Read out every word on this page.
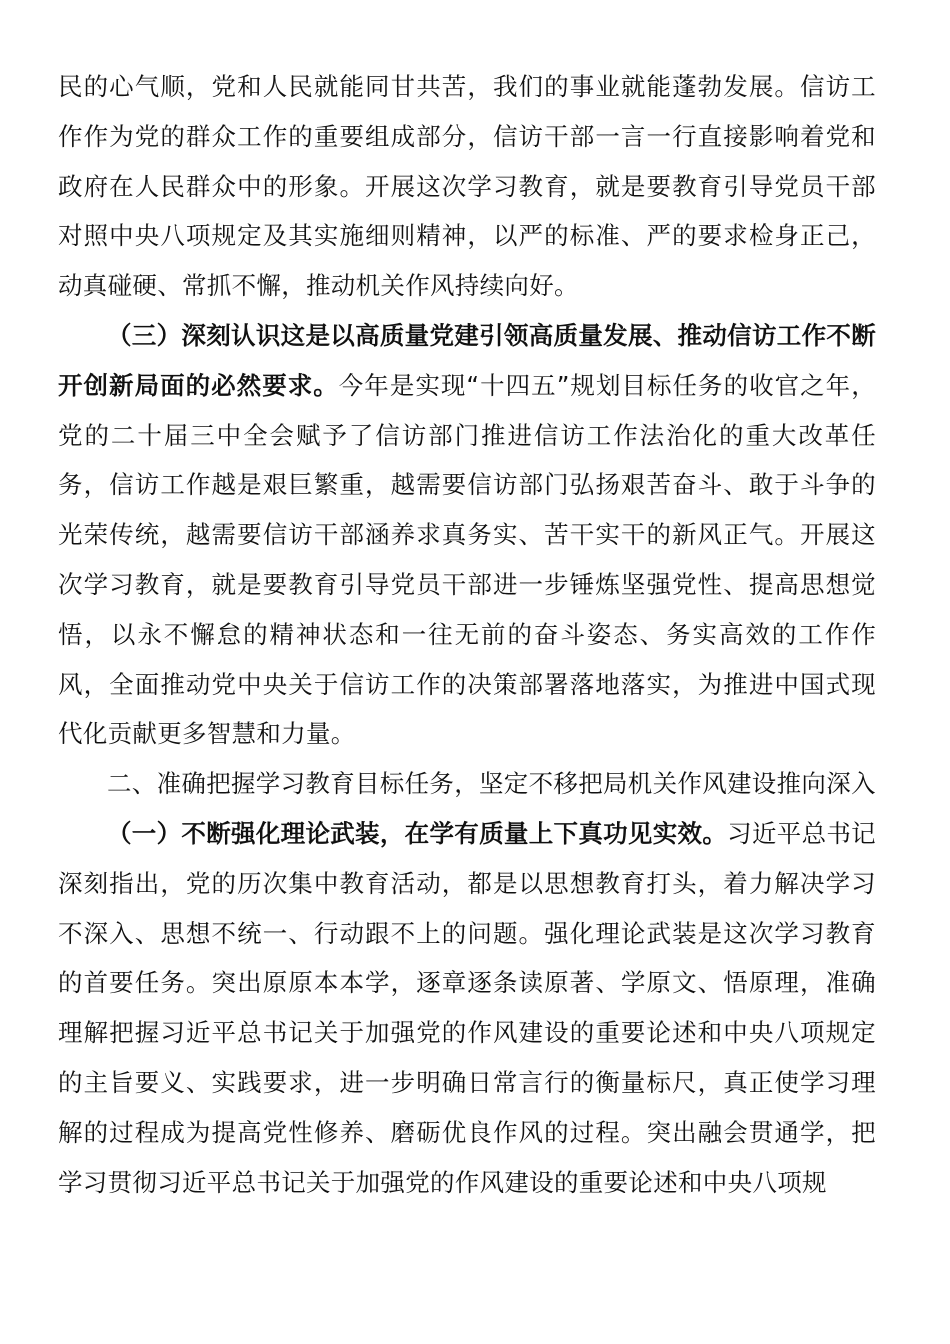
民的心气顺，党和人民就能同甘共苦，我们的事业就能蓬勃发展。信访工作作为党的群众工作的重要组成部分，信访干部一言一行直接影响着党和政府在人民群众中的形象。开展这次学习教育，就是要教育引导党员干部对照中央八项规定及其实施细则精神，以严的标准、严的要求检身正己，动真碰硬、常抓不懈，推动机关作风持续向好。

（三）深刻认识这是以高质量党建引领高质量发展、推动信访工作不断开创新局面的必然要求。今年是实现“十四五”规划目标任务的收官之年，党的二十届三中全会赋予了信访部门推进信访工作法治化的重大改革任务，信访工作越是艰巨繁重，越需要信访部门弘扬艰苦奋斗、敢于斗争的光荣传统，越需要信访干部涵养求真务实、苦干实干的新风正气。开展这次学习教育，就是要教育引导党员干部进一步锤炼坚强党性、提高思想觉悟，以永不懈怠的精神状态和一往无前的奋斗姿态、务实高效的工作作风，全面推动党中央关于信访工作的决策部署落地落实，为推进中国式现代化贡献更多智慧和力量。

二、准确把握学习教育目标任务，坚定不移把局机关作风建设推向深入

（一）不断强化理论武装，在学有质量上下真功见实效。习近平总书记深刻指出，党的历次集中教育活动，都是以思想教育打头，着力解决学习不深入、思想不统一、行动跟不上的问题。强化理论武装是这次学习教育的首要任务。突出原原本本学，逐章逐条读原著、学原文、悟原理，准确理解把握习近平总书记关于加强党的作风建设的重要论述和中央八项规定的主旨要义、实践要求，进一步明确日常言行的衡量标尺，真正使学习理解的过程成为提高党性修养、磨砺优良作风的过程。突出融会贯通学，把学习贯彻习近平总书记关于加强党的作风建设的重要论述和中央八项规
